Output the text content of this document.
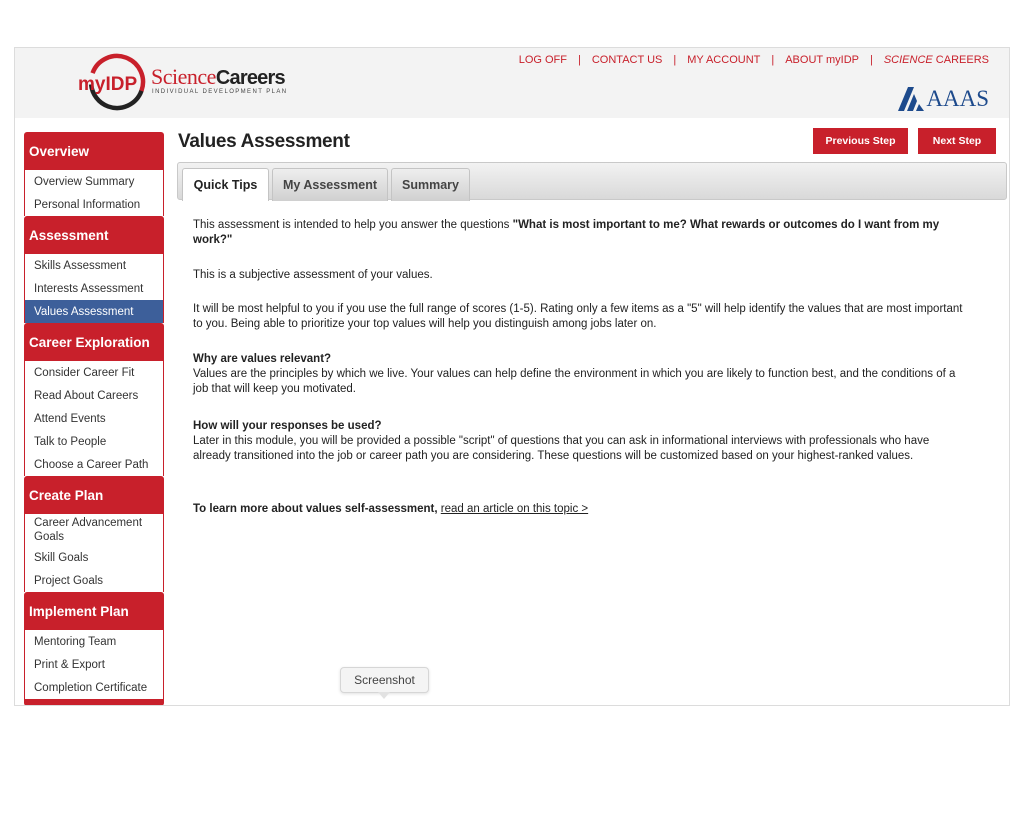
myIDP ScienceCareers
INDIVIDUAL DEVELOPMENT PLAN
LOG OFF | CONTACT US | MY ACCOUNT | ABOUT myIDP | SCIENCE CAREERS
AAAS
Overview
Overview Summary
Personal Information
Assessment
Skills Assessment
Interests Assessment
Values Assessment
Career Exploration
Consider Career Fit
Read About Careers
Attend Events
Talk to People
Choose a Career Path
Create Plan
Career Advancement Goals
Skill Goals
Project Goals
Implement Plan
Mentoring Team
Print & Export
Completion Certificate
Values Assessment	Previous Step	Next Step
Quick Tips	My Assessment	Summary

This assessment is intended to help you answer the questions "What is most important to me? What rewards or outcomes do I want from my work?"

This is a subjective assessment of your values.

It will be most helpful to you if you use the full range of scores (1-5). Rating only a few items as a "5" will help identify the values that are most important to you. Being able to prioritize your top values will help you distinguish among jobs later on.

Why are values relevant?

Values are the principles by which we live. Your values can help define the environment in which you are likely to function best, and the conditions of a job that will keep you motivated.

How will your responses be used?

Later in this module, you will be provided a possible "script" of questions that you can ask in informational interviews with professionals who have already transitioned into the job or career path you are considering. These questions will be customized based on your highest-ranked values.

To learn more about values self-assessment, read an article on this topic >

Screenshot
